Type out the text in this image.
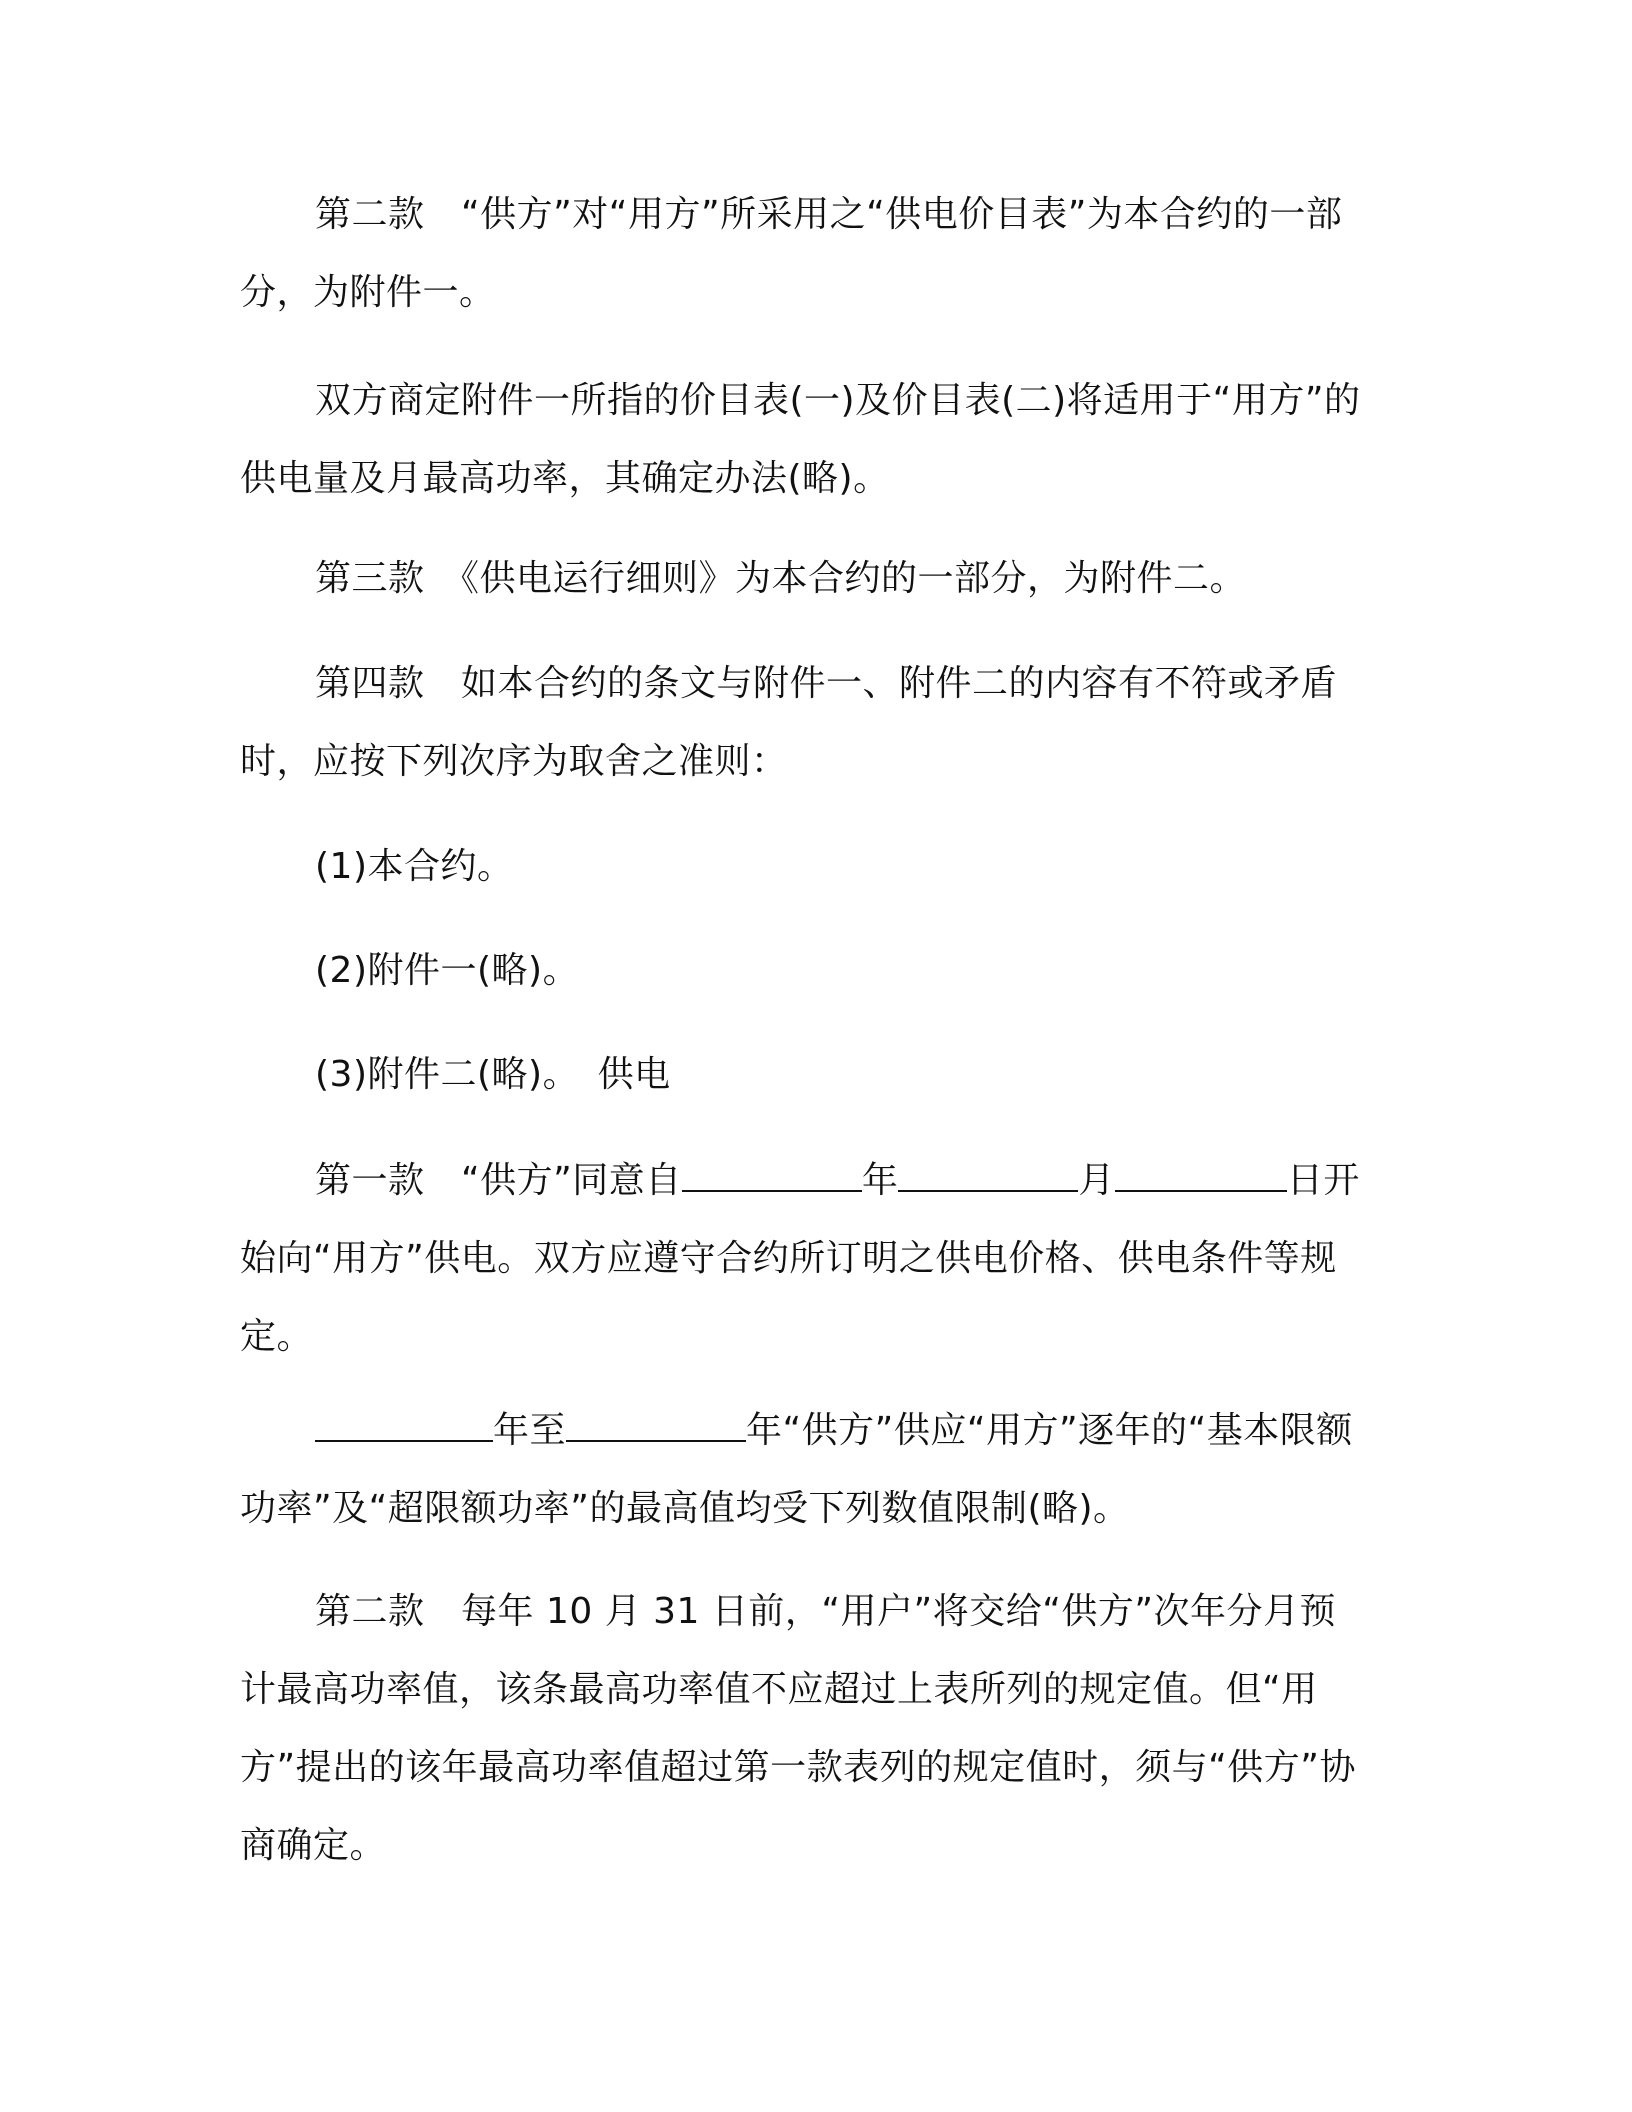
第二款　“供方”对“用方”所采用之“供电价目表”为本合约的一部分，为附件一。

双方商定附件一所指的价目表(一)及价目表(二)将适用于“用方”的供电量及月最高功率，其确定办法(略)。

第三款　《供电运行细则》为本合约的一部分，为附件二。

第四款　如本合约的条文与附件一、附件二的内容有不符或矛盾时，应按下列次序为取舍之准则：

(1)本合约。

(2)附件一(略)。

(3)附件二(略)。　供电

第一款　“供方”同意自	年	月	日开始向“用方”供电。双方应遵守合约所订明之供电价格、供电条件等规定。

年至	年“供方”供应“用方”逐年的“基本限额功率”及“超限额功率”的最高值均受下列数值限制(略)。

第二款　每年 10 月 31 日前，“用户”将交给“供方”次年分月预计最高功率值，该条最高功率值不应超过上表所列的规定值。但“用方”提出的该年最高功率值超过第一款表列的规定值时，须与“供方”协商确定。
